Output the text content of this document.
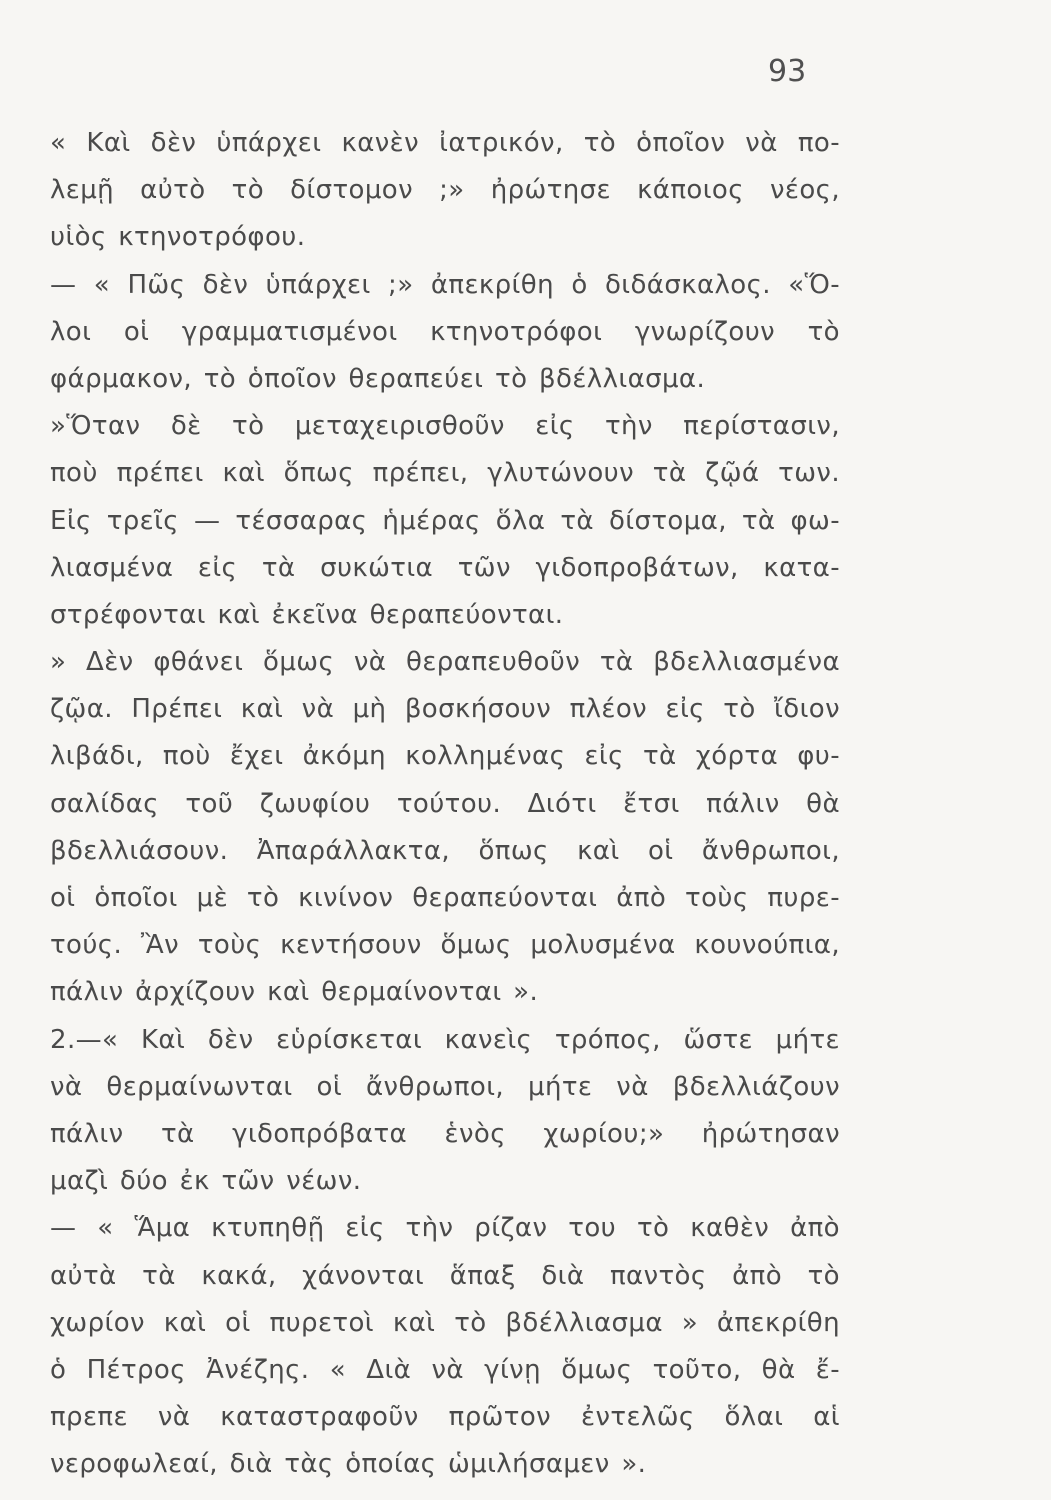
93
« Καὶ δὲν ὑπάρχει κανὲν ἰατρικόν, τὸ ὁποῖον νὰ πο-
λεμῇ αὐτὸ τὸ δίστομον ;» ἠρώτησε κάποιος νέος,
υἱὸς κτηνοτρόφου.
— « Πῶς δὲν ὑπάρχει ;» ἀπεκρίθη ὁ διδάσκαλος. «Ὅ-
λοι οἱ γραμματισμένοι κτηνοτρόφοι γνωρίζουν τὸ
φάρμακον, τὸ ὁποῖον θεραπεύει τὸ βδέλλιασμα.
»Ὅταν δὲ τὸ μεταχειρισθοῦν εἰς τὴν περίστασιν,
ποὺ πρέπει καὶ ὅπως πρέπει, γλυτώνουν τὰ ζῷά των.
Εἰς τρεῖς — τέσσαρας ἡμέρας ὅλα τὰ δίστομα, τὰ φω-
λιασμένα εἰς τὰ συκώτια τῶν γιδοπροβάτων, κατα-
στρέφονται καὶ ἐκεῖνα θεραπεύονται.
» Δὲν φθάνει ὅμως νὰ θεραπευθοῦν τὰ βδελλιασμένα
ζῷα. Πρέπει καὶ νὰ μὴ βοσκήσουν πλέον εἰς τὸ ἴδιον
λιβάδι, ποὺ ἔχει ἀκόμη κολλημένας εἰς τὰ χόρτα φυ-
σαλίδας τοῦ ζωυφίου τούτου. Διότι ἔτσι πάλιν θὰ
βδελλιάσουν. Ἀπαράλλακτα, ὅπως καὶ οἱ ἄνθρωποι,
οἱ ὁποῖοι μὲ τὸ κινίνον θεραπεύονται ἀπὸ τοὺς πυρε-
τούς. Ἂν τοὺς κεντήσουν ὅμως μολυσμένα κουνούπια,
πάλιν ἀρχίζουν καὶ θερμαίνονται ».
2.—« Καὶ δὲν εὑρίσκεται κανεὶς τρόπος, ὥστε μήτε
νὰ θερμαίνωνται οἱ ἄνθρωποι, μήτε νὰ βδελλιάζουν
πάλιν τὰ γιδοπρόβατα ἑνὸς χωρίου;» ἠρώτησαν
μαζὶ δύο ἐκ τῶν νέων.
— « Ἅμα κτυπηθῇ εἰς τὴν ρίζαν του τὸ καθὲν ἀπὸ
αὐτὰ τὰ κακά, χάνονται ἅπαξ διὰ παντὸς ἀπὸ τὸ
χωρίον καὶ οἱ πυρετοὶ καὶ τὸ βδέλλιασμα » ἀπεκρίθη
ὁ Πέτρος Ἀνέζης. « Διὰ νὰ γίνῃ ὅμως τοῦτο, θὰ ἔ-
πρεπε νὰ καταστραφοῦν πρῶτον ἐντελῶς ὅλαι αἱ
νεροφωλεαί, διὰ τὰς ὁποίας ὡμιλήσαμεν ».
